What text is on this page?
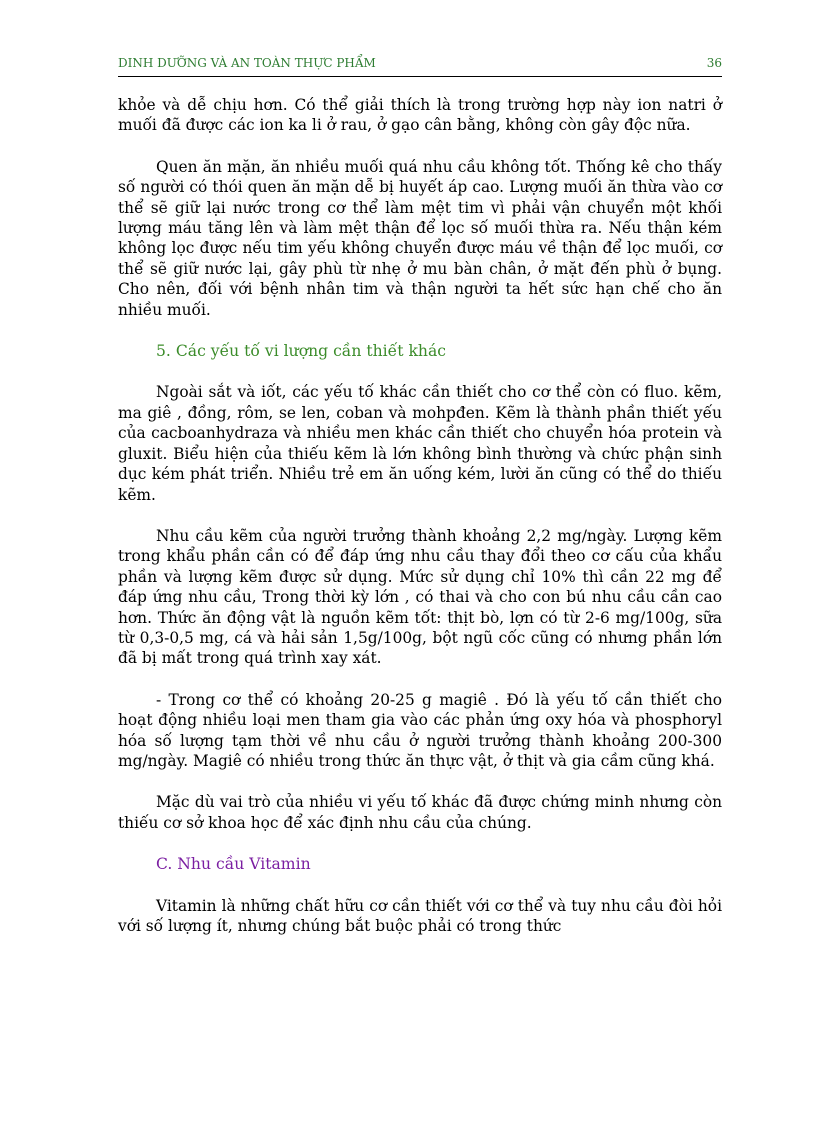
DINH DƯỠNG VÀ AN TOÀN THỰC PHẨM	36

khỏe và dễ chịu hơn. Có thể giải thích là trong trường hợp này ion natri ở muối đã được các ion ka li ở rau, ở gạo cân bằng, không còn gây độc nữa.

Quen ăn mặn, ăn nhiều muối quá nhu cầu không tốt. Thống kê cho thấy số người có thói quen ăn mặn dễ bị huyết áp cao. Lượng muối ăn thừa vào cơ thể sẽ giữ lại nước trong cơ thể làm mệt tim vì phải vận chuyển một khối lượng máu tăng lên và làm mệt thận để lọc số muối thừa ra. Nếu thận kém không lọc được nếu tim yếu không chuyển được máu về thận để lọc muối, cơ thể sẽ giữ nước lại, gây phù từ nhẹ ở mu bàn chân, ở mặt đến phù ở bụng. Cho nên, đối với bệnh nhân tim và thận người ta hết sức hạn chế cho ăn nhiều muối.

5. Các yếu tố vi lượng cần thiết khác

Ngoài sắt và iốt, các yếu tố khác cần thiết cho cơ thể còn có fluo. kẽm, ma giê , đồng, rôm, se len, coban và mohpđen. Kẽm là thành phần thiết yếu của cacboanhydraza và nhiều men khác cần thiết cho chuyển hóa protein và gluxit. Biểu hiện của thiếu kẽm là lớn không bình thường và chức phận sinh dục kém phát triển. Nhiều trẻ em ăn uống kém, lười ăn cũng có thể do thiếu kẽm.

Nhu cầu kẽm của người trưởng thành khoảng 2,2 mg/ngày. Lượng kẽm trong khẩu phần cần có để đáp ứng nhu cầu thay đổi theo cơ cấu của khẩu phần và lượng kẽm được sử dụng. Mức sử dụng chỉ 10% thì cần 22 mg để đáp ứng nhu cầu, Trong thời kỳ lớn , có thai và cho con bú nhu cầu cần cao hơn. Thức ăn động vật là nguồn kẽm tốt: thịt bò, lợn có từ 2-6 mg/100g, sữa từ 0,3-0,5 mg, cá và hải sản 1,5g/100g, bột ngũ cốc cũng có nhưng phần lớn đã bị mất trong quá trình xay xát.

- Trong cơ thể có khoảng 20-25 g magiê . Đó là yếu tố cần thiết cho hoạt động nhiều loại men tham gia vào các phản ứng oxy hóa và phosphoryl hóa số lượng tạm thời về nhu cầu ở người trưởng thành khoảng 200-300 mg/ngày. Magiê có nhiều trong thức ăn thực vật, ở thịt và gia cầm cũng khá.

Mặc dù vai trò của nhiều vi yếu tố khác đã được chứng minh nhưng còn thiếu cơ sở khoa học để xác định nhu cầu của chúng.

C. Nhu cầu Vitamin

Vitamin là những chất hữu cơ cần thiết với cơ thể và tuy nhu cầu đòi hỏi với số lượng ít, nhưng chúng bắt buộc phải có trong thức
